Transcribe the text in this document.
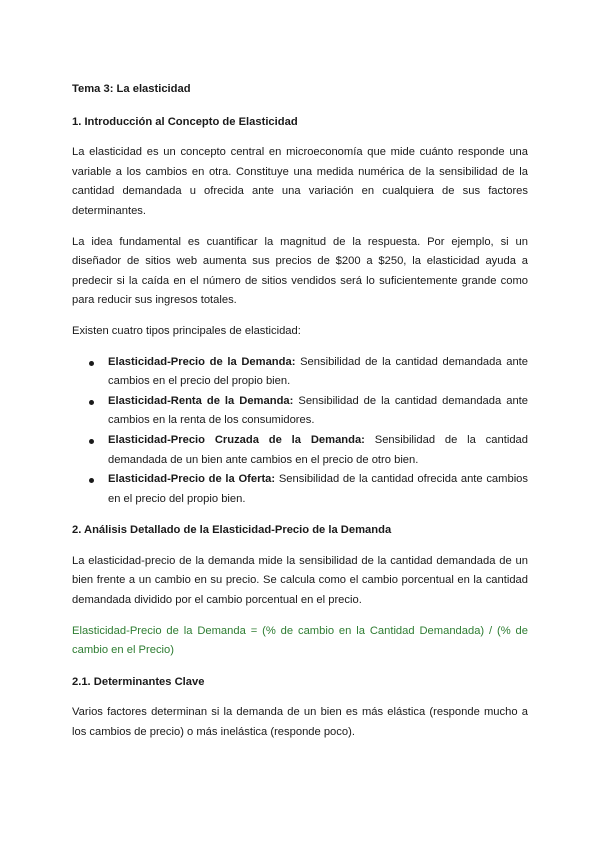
Tema 3: La elasticidad

1. Introducción al Concepto de Elasticidad

La elasticidad es un concepto central en microeconomía que mide cuánto responde una variable a los cambios en otra. Constituye una medida numérica de la sensibilidad de la cantidad demandada u ofrecida ante una variación en cualquiera de sus factores determinantes.

La idea fundamental es cuantificar la magnitud de la respuesta. Por ejemplo, si un diseñador de sitios web aumenta sus precios de $200 a $250, la elasticidad ayuda a predecir si la caída en el número de sitios vendidos será lo suficientemente grande como para reducir sus ingresos totales.

Existen cuatro tipos principales de elasticidad:

Elasticidad-Precio de la Demanda: Sensibilidad de la cantidad demandada ante cambios en el precio del propio bien.
Elasticidad-Renta de la Demanda: Sensibilidad de la cantidad demandada ante cambios en la renta de los consumidores.
Elasticidad-Precio Cruzada de la Demanda: Sensibilidad de la cantidad demandada de un bien ante cambios en el precio de otro bien.
Elasticidad-Precio de la Oferta: Sensibilidad de la cantidad ofrecida ante cambios en el precio del propio bien.

2. Análisis Detallado de la Elasticidad-Precio de la Demanda

La elasticidad-precio de la demanda mide la sensibilidad de la cantidad demandada de un bien frente a un cambio en su precio. Se calcula como el cambio porcentual en la cantidad demandada dividido por el cambio porcentual en el precio.

Elasticidad-Precio de la Demanda = (% de cambio en la Cantidad Demandada) / (% de cambio en el Precio)

2.1. Determinantes Clave

Varios factores determinan si la demanda de un bien es más elástica (responde mucho a los cambios de precio) o más inelástica (responde poco).
